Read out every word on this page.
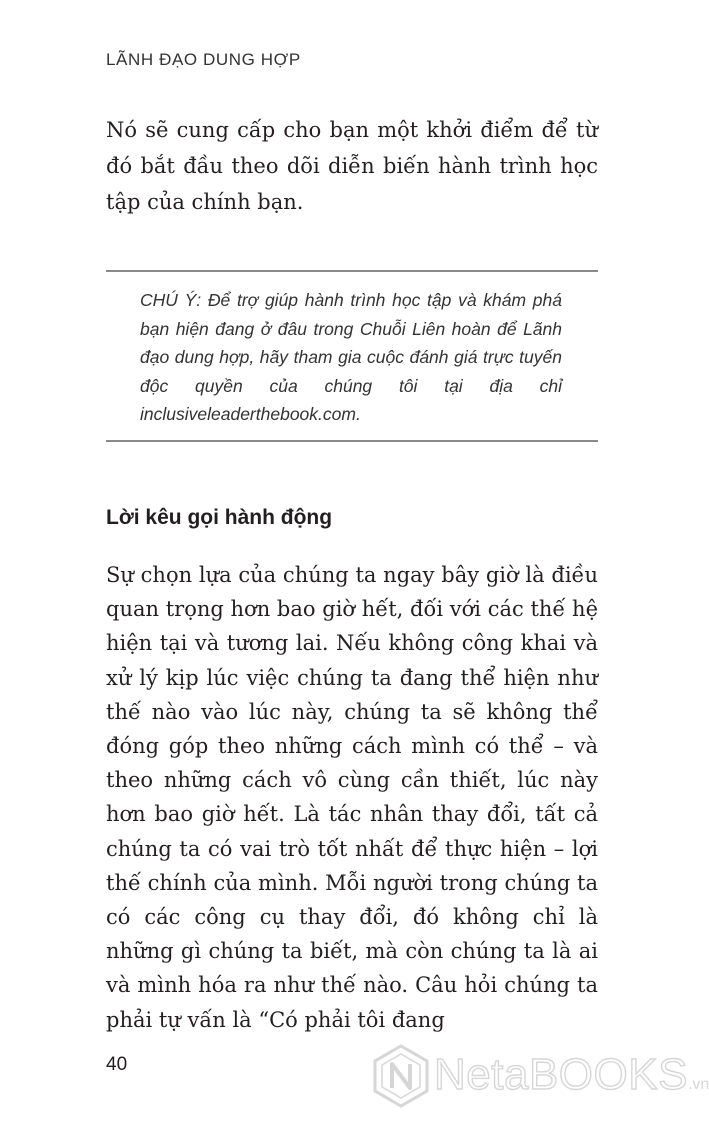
LÃNH ĐẠO DUNG HỢP

Nó sẽ cung cấp cho bạn một khởi điểm để từ đó bắt đầu theo dõi diễn biến hành trình học tập của chính bạn.

CHÚ Ý: Để trợ giúp hành trình học tập và khám phá bạn hiện đang ở đâu trong Chuỗi Liên hoàn để Lãnh đạo dung hợp, hãy tham gia cuộc đánh giá trực tuyến độc quyền của chúng tôi tại địa chỉ inclusiveleaderthebook.com.

Lời kêu gọi hành động

Sự chọn lựa của chúng ta ngay bây giờ là điều quan trọng hơn bao giờ hết, đối với các thế hệ hiện tại và tương lai. Nếu không công khai và xử lý kịp lúc việc chúng ta đang thể hiện như thế nào vào lúc này, chúng ta sẽ không thể đóng góp theo những cách mình có thể – và theo những cách vô cùng cần thiết, lúc này hơn bao giờ hết. Là tác nhân thay đổi, tất cả chúng ta có vai trò tốt nhất để thực hiện – lợi thế chính của mình. Mỗi người trong chúng ta có các công cụ thay đổi, đó không chỉ là những gì chúng ta biết, mà còn chúng ta là ai và mình hóa ra như thế nào. Câu hỏi chúng ta phải tự vấn là “Có phải tôi đang

40	NetaBOOKS.vn
